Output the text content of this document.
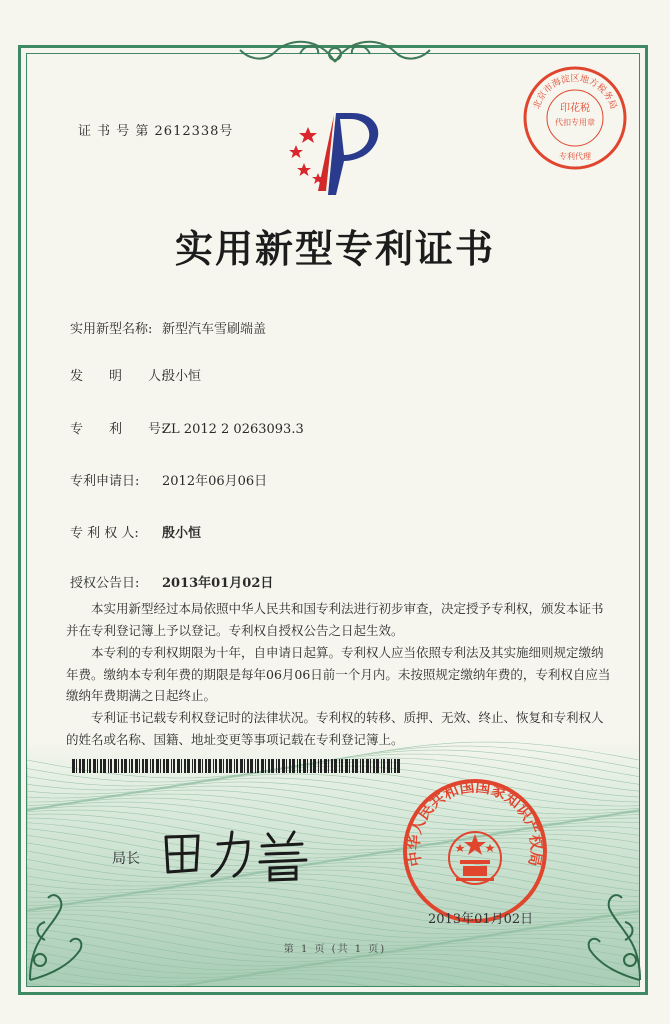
证 书 号 第 2612338号
北京市海淀区地方税务局
印花税
代扣专用章
专利代理
实用新型专利证书
实用新型名称: 新型汽车雪刷端盖
发　　明　　人:殷小恒
专　　利　　号:ZL 2012 2 0263093.3
专利申请日: 2012年06月06日
专 利 权 人: 殷小恒
授权公告日: 2013年01月02日

本实用新型经过本局依照中华人民共和国专利法进行初步审查，决定授予专利权，颁发本证书并在专利登记簿上予以登记。专利权自授权公告之日起生效。

本专利的专利权期限为十年，自申请日起算。专利权人应当依照专利法及其实施细则规定缴纳年费。缴纳本专利年费的期限是每年06月06日前一个月内。未按照规定缴纳年费的，专利权自应当缴纳年费期满之日起终止。

专利证书记载专利权登记时的法律状况。专利权的转移、质押、无效、终止、恢复和专利权人的姓名或名称、国籍、地址变更等事项记载在专利登记簿上。

局长	中华人民共和国国家知识产权局
2013年01月02日
第 1 页 (共 1 页)
